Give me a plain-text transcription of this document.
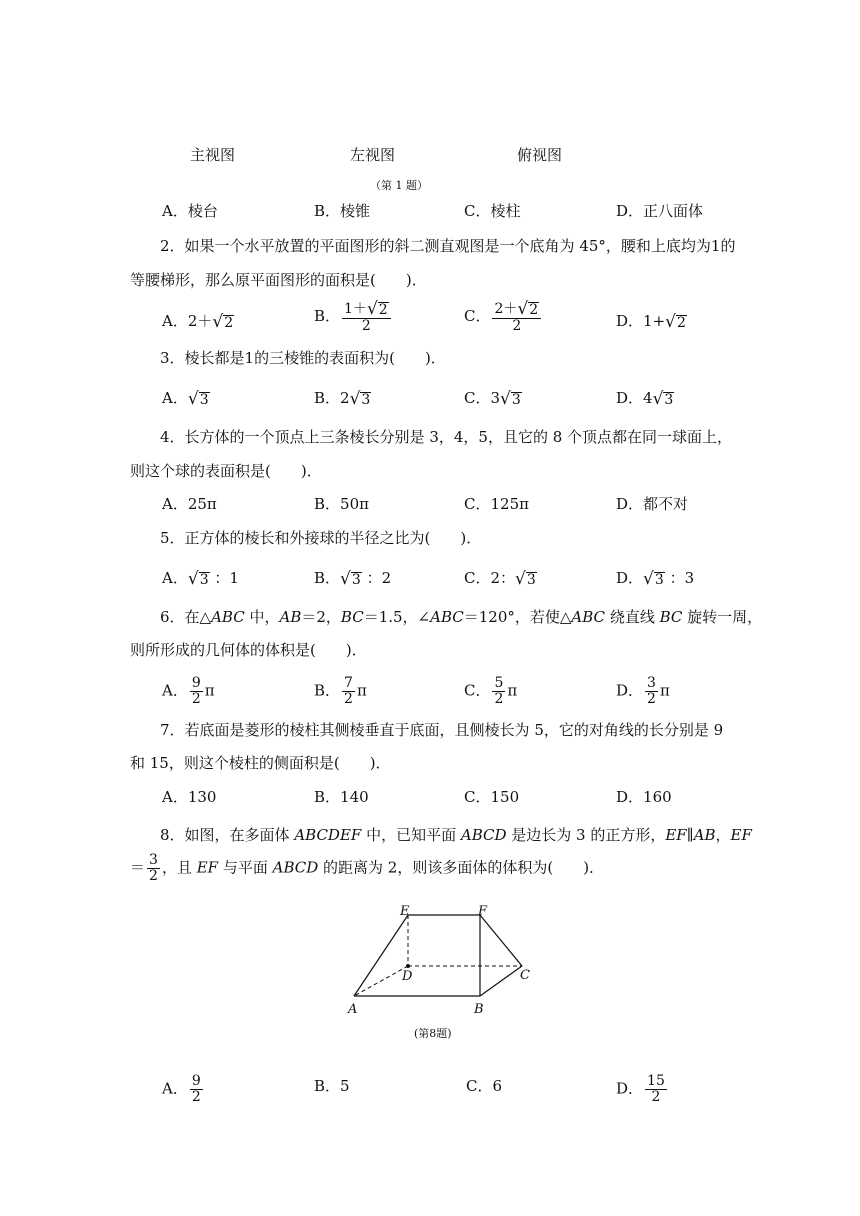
主视图	左视图	俯视图
（第 1 题）
A．棱台	B．棱锥	C．棱柱	D．正八面体
2．如果一个水平放置的平面图形的斜二测直观图是一个底角为 45°，腰和上底均为1的
等腰梯形，那么原平面图形的面积是(　　)．
A．2＋ √ 2	B． $\frac{1+ √ 2}{2}$	C． $\frac{2+ √ 2}{2}$	D．1+ √ 2
3．棱长都是1的三棱锥的表面积为(　　)．
A． √ 3	B．2 √ 3	C．3 √ 3	D．4 √ 3
4．长方体的一个顶点上三条棱长分别是 3，4，5，且它的 8 个顶点都在同一球面上，
则这个球的表面积是(　　)．
A．25π	B．50π	C．125π	D．都不对
5．正方体的棱长和外接球的半径之比为(　　)．
A． √ 3 ：1	B． √ 3 ：2	C．2： √ 3	D． √ 3 ：3
6．在△ABC 中，AB＝2，BC＝1.5，∠ABC＝120°，若使△ABC 绕直线 BC 旋转一周，
则所形成的几何体的体积是(　　)．
A． $\frac{9}{2}$ π	B． $\frac{7}{2}$ π	C． $\frac{5}{2}$ π	D． $\frac{3}{2}$ π
7．若底面是菱形的棱柱其侧棱垂直于底面，且侧棱长为 5，它的对角线的长分别是 9
和 15，则这个棱柱的侧面积是(　　)．
A．130	B．140	C．150	D．160
8．如图，在多面体 ABCDEF 中，已知平面 ABCD 是边长为 3 的正方形，EF∥AB，EF
＝ $\frac{3}{2}$ ，且 EF 与平面 ABCD 的距离为 2，则该多面体的体积为(　　)．
E	F
D	C
A	B
(第8题)
A． $\frac{9}{2}$	B．5	C．6	D． $\frac{15}{2}$
